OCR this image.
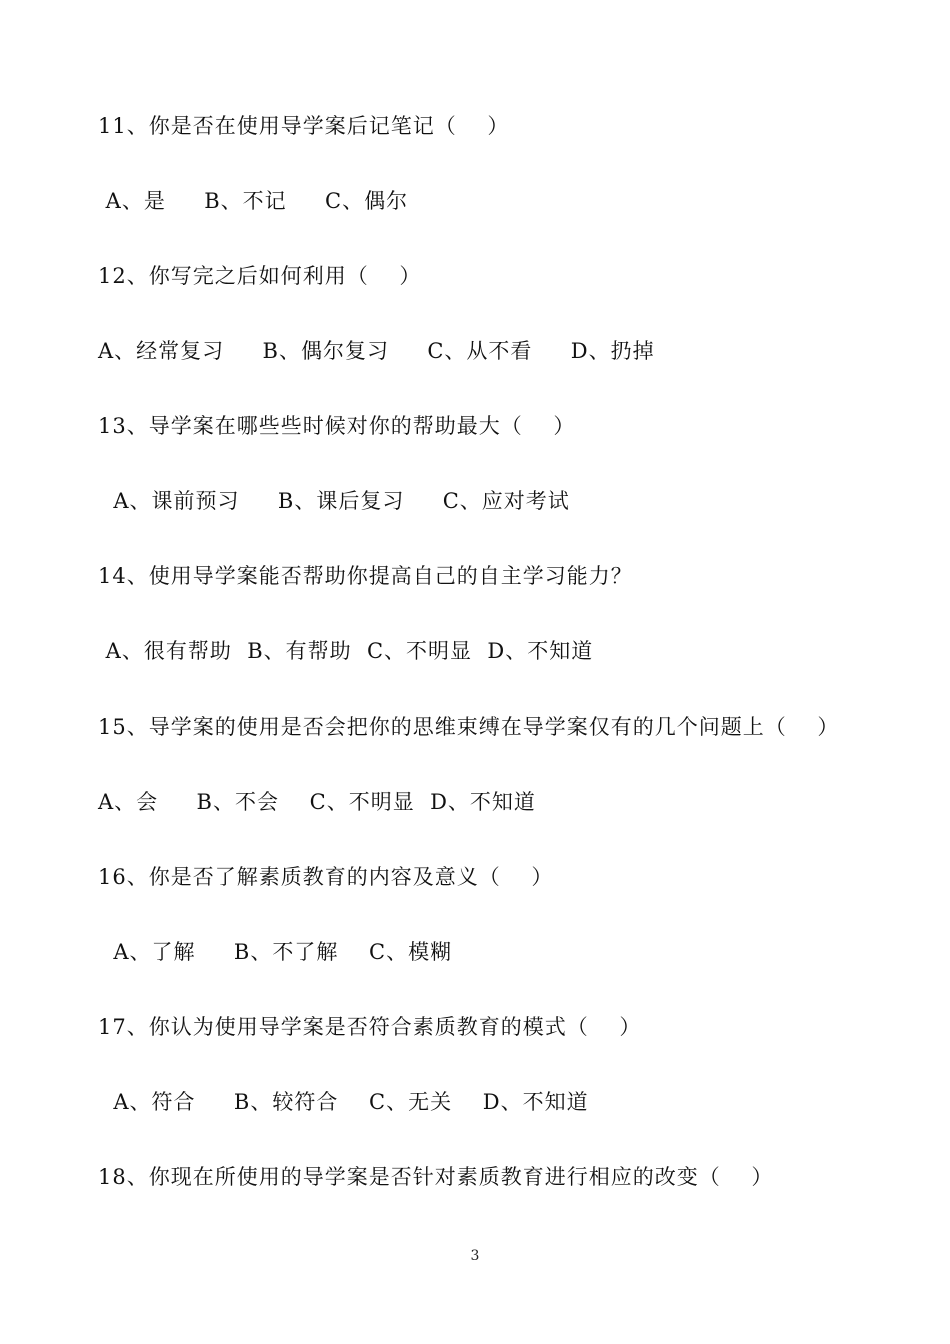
11、你是否在使用导学案后记笔记（    ）
A、是     B、不记     C、偶尔
12、你写完之后如何利用（    ）
A、经常复习     B、偶尔复习     C、从不看     D、扔掉
13、导学案在哪些些时候对你的帮助最大（    ）
A、课前预习     B、课后复习     C、应对考试
14、使用导学案能否帮助你提高自己的自主学习能力？
A、很有帮助  B、有帮助  C、不明显  D、不知道
15、导学案的使用是否会把你的思维束缚在导学案仅有的几个问题上（    ）
A、会     B、不会    C、不明显  D、不知道
16、你是否了解素质教育的内容及意义（    ）
A、了解     B、不了解    C、模糊
17、你认为使用导学案是否符合素质教育的模式（    ）
A、符合     B、较符合    C、无关    D、不知道
18、你现在所使用的导学案是否针对素质教育进行相应的改变（    ）
3
